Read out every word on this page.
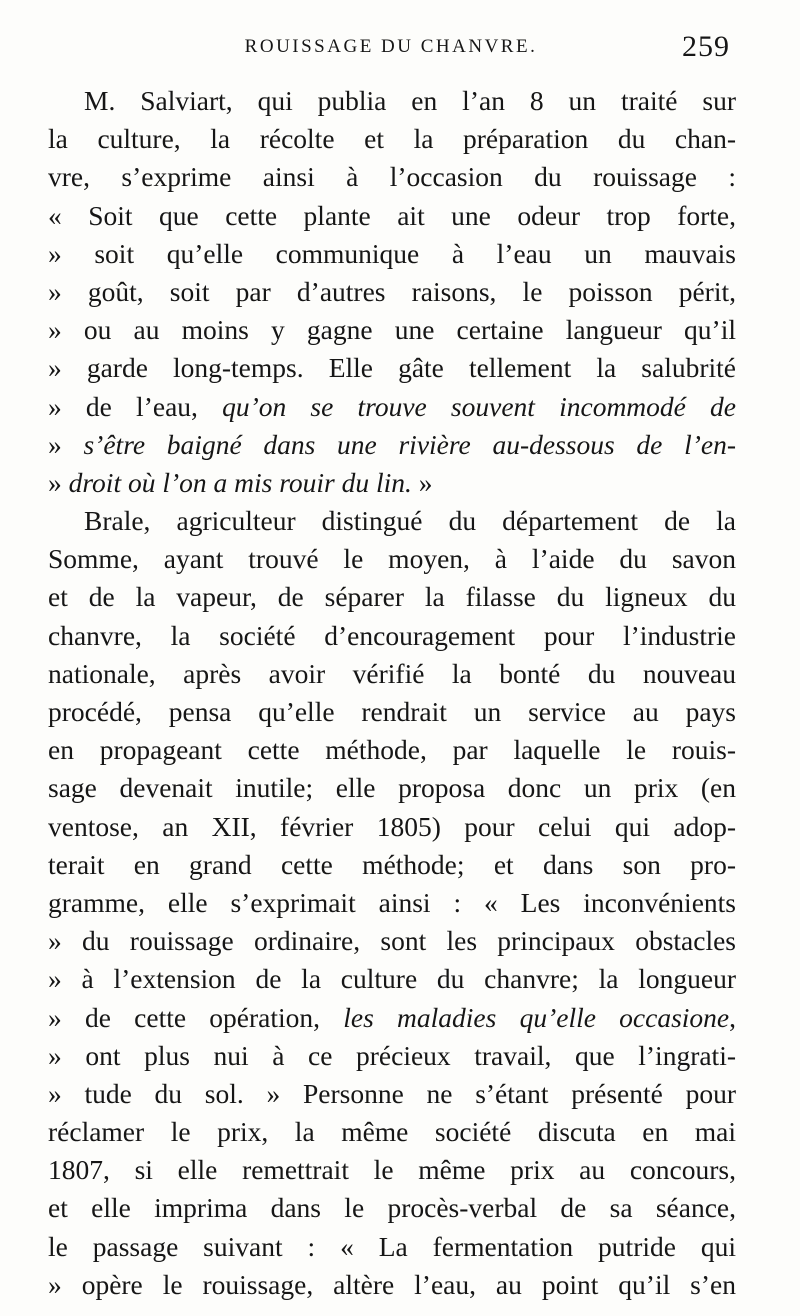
ROUISSAGE DU CHANVRE.	259
M. Salviart, qui publia en l’an 8 un traité sur
la culture, la récolte et la préparation du chan-
vre, s’exprime ainsi à l’occasion du rouissage :
« Soit que cette plante ait une odeur trop forte,
» soit qu’elle communique à l’eau un mauvais
» goût, soit par d’autres raisons, le poisson périt,
» ou au moins y gagne une certaine langueur qu’il
» garde long-temps. Elle gâte tellement la salubrité
» de l’eau, qu’on se trouve souvent incommodé de
» s’être baigné dans une rivière au-dessous de l’en-
» droit où l’on a mis rouir du lin. »
Brale, agriculteur distingué du département de la
Somme, ayant trouvé le moyen, à l’aide du savon
et de la vapeur, de séparer la filasse du ligneux du
chanvre, la société d’encouragement pour l’industrie
nationale, après avoir vérifié la bonté du nouveau
procédé, pensa qu’elle rendrait un service au pays
en propageant cette méthode, par laquelle le rouis-
sage devenait inutile; elle proposa donc un prix (en
ventose, an XII, février 1805) pour celui qui adop-
terait en grand cette méthode; et dans son pro-
gramme, elle s’exprimait ainsi : « Les inconvénients
» du rouissage ordinaire, sont les principaux obstacles
» à l’extension de la culture du chanvre; la longueur
» de cette opération, les maladies qu’elle occasione,
» ont plus nui à ce précieux travail, que l’ingrati-
» tude du sol. » Personne ne s’étant présenté pour
réclamer le prix, la même société discuta en mai
1807, si elle remettrait le même prix au concours,
et elle imprima dans le procès-verbal de sa séance,
le passage suivant : « La fermentation putride qui
» opère le rouissage, altère l’eau, au point qu’il s’en
